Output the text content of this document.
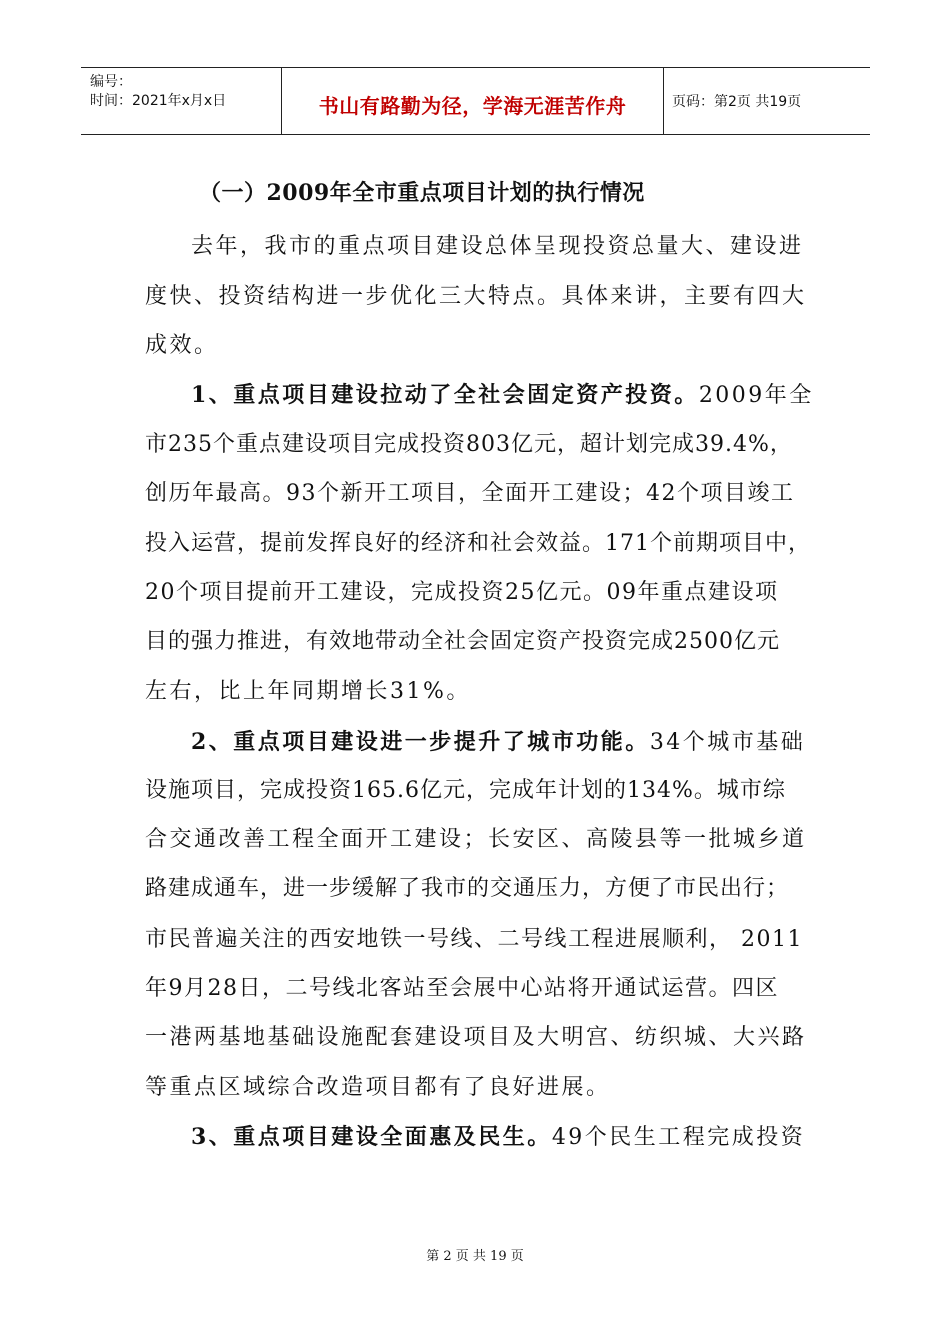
编号：
时间：2021年x月x日	书山有路勤为径，学海无涯苦作舟	页码：第2页 共19页
（一）2009年全市重点项目计划的执行情况
去年，我市的重点项目建设总体呈现投资总量大、建设进
度快、投资结构进一步优化三大特点。具体来讲，主要有四大
成效。
1、重点项目建设拉动了全社会固定资产投资。2009年全
市235个重点建设项目完成投资803亿元，超计划完成39.4%，
创历年最高。93个新开工项目，全面开工建设；42个项目竣工
投入运营，提前发挥良好的经济和社会效益。171个前期项目中，
20个项目提前开工建设，完成投资25亿元。09年重点建设项
目的强力推进，有效地带动全社会固定资产投资完成2500亿元
左右，比上年同期增长31%。
2、重点项目建设进一步提升了城市功能。34个城市基础
设施项目，完成投资165.6亿元，完成年计划的134%。城市综
合交通改善工程全面开工建设；长安区、高陵县等一批城乡道
路建成通车，进一步缓解了我市的交通压力，方便了市民出行；
市民普遍关注的西安地铁一号线、二号线工程进展顺利， 2011
年9月28日，二号线北客站至会展中心站将开通试运营。四区
一港两基地基础设施配套建设项目及大明宫、纺织城、大兴路
等重点区域综合改造项目都有了良好进展。
3、重点项目建设全面惠及民生。49个民生工程完成投资
第 2 页 共 19 页
